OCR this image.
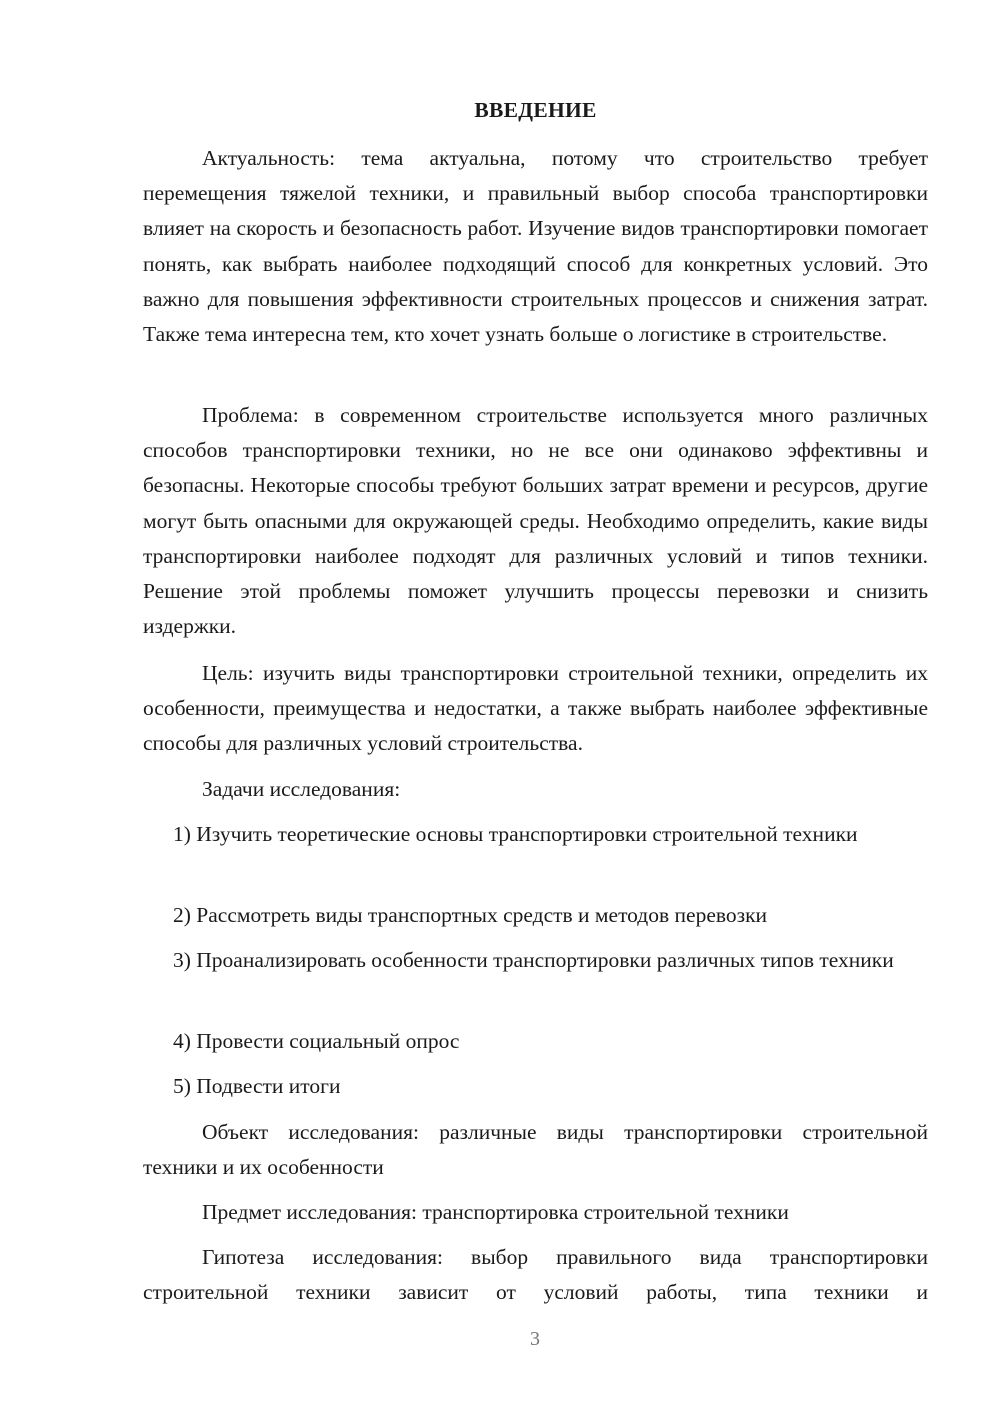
ВВЕДЕНИЕ

Актуальность: тема актуальна, потому что строительство требует перемещения тяжелой техники, и правильный выбор способа транспортировки влияет на скорость и безопасность работ. Изучение видов транспортировки помогает понять, как выбрать наиболее подходящий способ для конкретных условий. Это важно для повышения эффективности строительных процессов и снижения затрат. Также тема интересна тем, кто хочет узнать больше о логистике в строительстве.

Проблема: в современном строительстве используется много различных способов транспортировки техники, но не все они одинаково эффективны и безопасны. Некоторые способы требуют больших затрат времени и ресурсов, другие могут быть опасными для окружающей среды. Необходимо определить, какие виды транспортировки наиболее подходят для различных условий и типов техники. Решение этой проблемы поможет улучшить процессы перевозки и снизить издержки.

Цель: изучить виды транспортировки строительной техники, определить их особенности, преимущества и недостатки, а также выбрать наиболее эффективные способы для различных условий строительства.

Задачи исследования:

1) Изучить теоретические основы транспортировки строительной техники

2) Рассмотреть виды транспортных средств и методов перевозки

3) Проанализировать особенности транспортировки различных типов техники

4) Провести социальный опрос

5) Подвести итоги

Объект исследования: различные виды транспортировки строительной техники и их особенности

Предмет исследования: транспортировка строительной техники

Гипотеза исследования: выбор правильного вида транспортировки строительной техники зависит от условий работы, типа техники и

3
